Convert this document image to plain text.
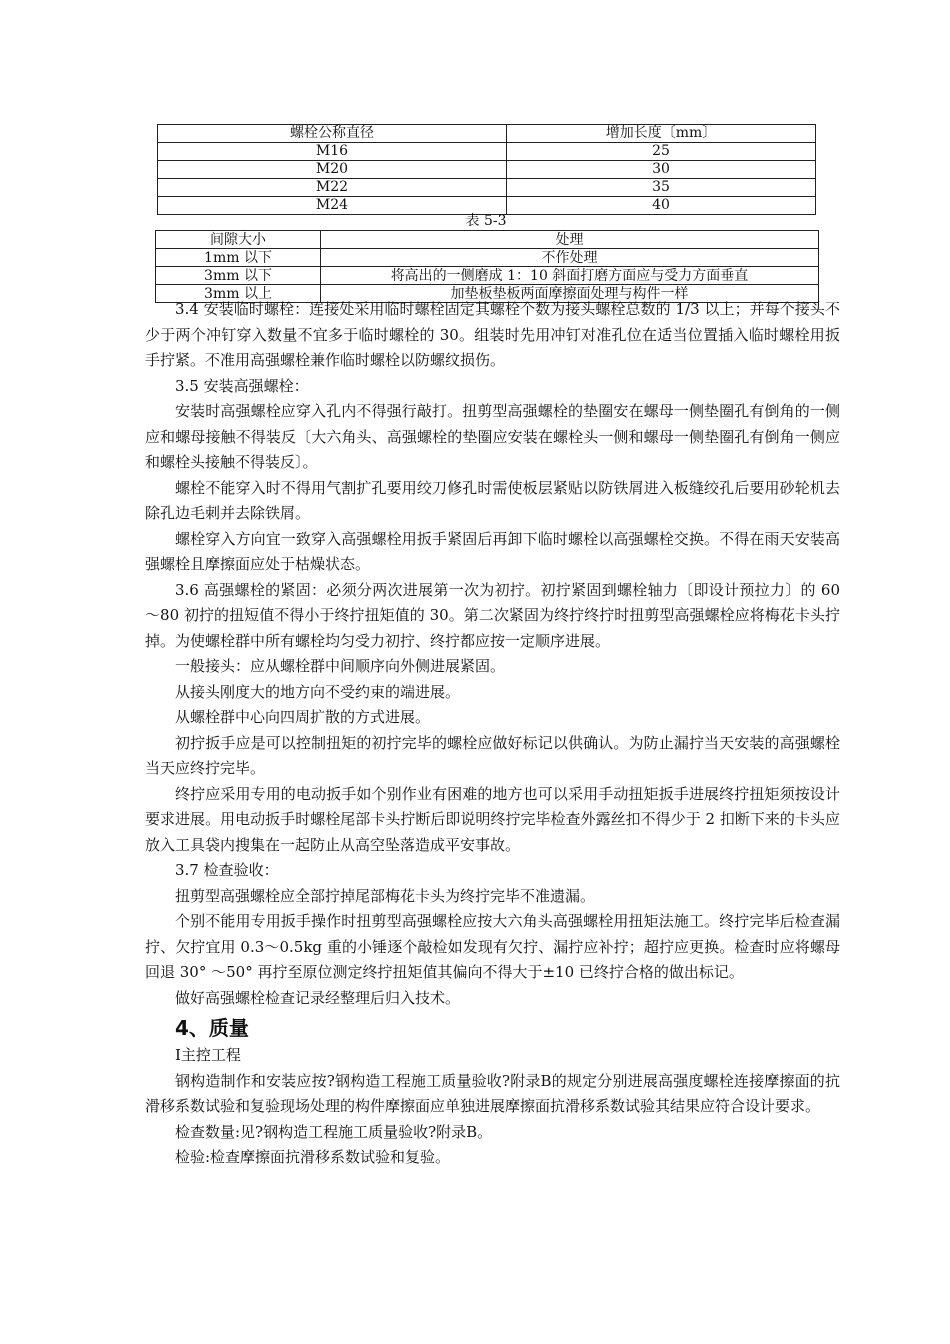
螺栓公称直径	增加长度〔mm〕
M16	25
M20	30
M22	35
M24	40
表 5-3
间隙大小	处理
1mm 以下	不作处理
3mm 以下	将高出的一侧磨成 1：10 斜面打磨方面应与受力方面垂直
3mm 以上	加垫板垫板两面摩擦面处理与构件一样

3.4 安装临时螺栓：连接处采用临时螺栓固定其螺栓个数为接头螺栓总数的 1/3 以上；并每个接头不少于两个冲钉穿入数量不宜多于临时螺栓的 30。组装时先用冲钉对准孔位在适当位置插入临时螺栓用扳手拧紧。不准用高强螺栓兼作临时螺栓以防螺纹损伤。

3.5 安装高强螺栓：

安装时高强螺栓应穿入孔内不得强行敲打。扭剪型高强螺栓的垫圈安在螺母一侧垫圈孔有倒角的一侧应和螺母接触不得装反〔大六角头、高强螺栓的垫圈应安装在螺栓头一侧和螺母一侧垫圈孔有倒角一侧应和螺栓头接触不得装反〕。

螺栓不能穿入时不得用气割扩孔要用绞刀修孔时需使板层紧贴以防铁屑进入板缝绞孔后要用砂轮机去除孔边毛刺并去除铁屑。

螺栓穿入方向宜一致穿入高强螺栓用扳手紧固后再卸下临时螺栓以高强螺栓交换。不得在雨天安装高强螺栓且摩擦面应处于枯燥状态。

3.6 高强螺栓的紧固：必须分两次进展第一次为初拧。初拧紧固到螺栓轴力〔即设计预拉力〕的 60～80 初拧的扭短值不得小于终拧扭矩值的 30。第二次紧固为终拧终拧时扭剪型高强螺栓应将梅花卡头拧掉。为使螺栓群中所有螺栓均匀受力初拧、终拧都应按一定顺序进展。

一般接头：应从螺栓群中间顺序向外侧进展紧固。

从接头刚度大的地方向不受约束的端进展。

从螺栓群中心向四周扩散的方式进展。

初拧扳手应是可以控制扭矩的初拧完毕的螺栓应做好标记以供确认。为防止漏拧当天安装的高强螺栓当天应终拧完毕。

终拧应采用专用的电动扳手如个别作业有困难的地方也可以采用手动扭矩扳手进展终拧扭矩须按设计要求进展。用电动扳手时螺栓尾部卡头拧断后即说明终拧完毕检查外露丝扣不得少于 2 扣断下来的卡头应放入工具袋内搜集在一起防止从高空坠落造成平安事故。

3.7 检查验收：

扭剪型高强螺栓应全部拧掉尾部梅花卡头为终拧完毕不准遗漏。

个别不能用专用扳手操作时扭剪型高强螺栓应按大六角头高强螺栓用扭矩法施工。终拧完毕后检查漏拧、欠拧宜用 0.3～0.5kg 重的小锤逐个敲检如发现有欠拧、漏拧应补拧；超拧应更换。检查时应将螺母回退 30° ～50° 再拧至原位测定终拧扭矩值其偏向不得大于±10 已终拧合格的做出标记。

做好高强螺栓检查记录经整理后归入技术。

4、质量

Ⅰ主控工程

钢构造制作和安装应按?钢构造工程施工质量验收?附录B的规定分别进展高强度螺栓连接摩擦面的抗滑移系数试验和复验现场处理的构件摩擦面应单独进展摩擦面抗滑移系数试验其结果应符合设计要求。

检查数量:见?钢构造工程施工质量验收?附录B。

检验:检查摩擦面抗滑移系数试验和复验。
